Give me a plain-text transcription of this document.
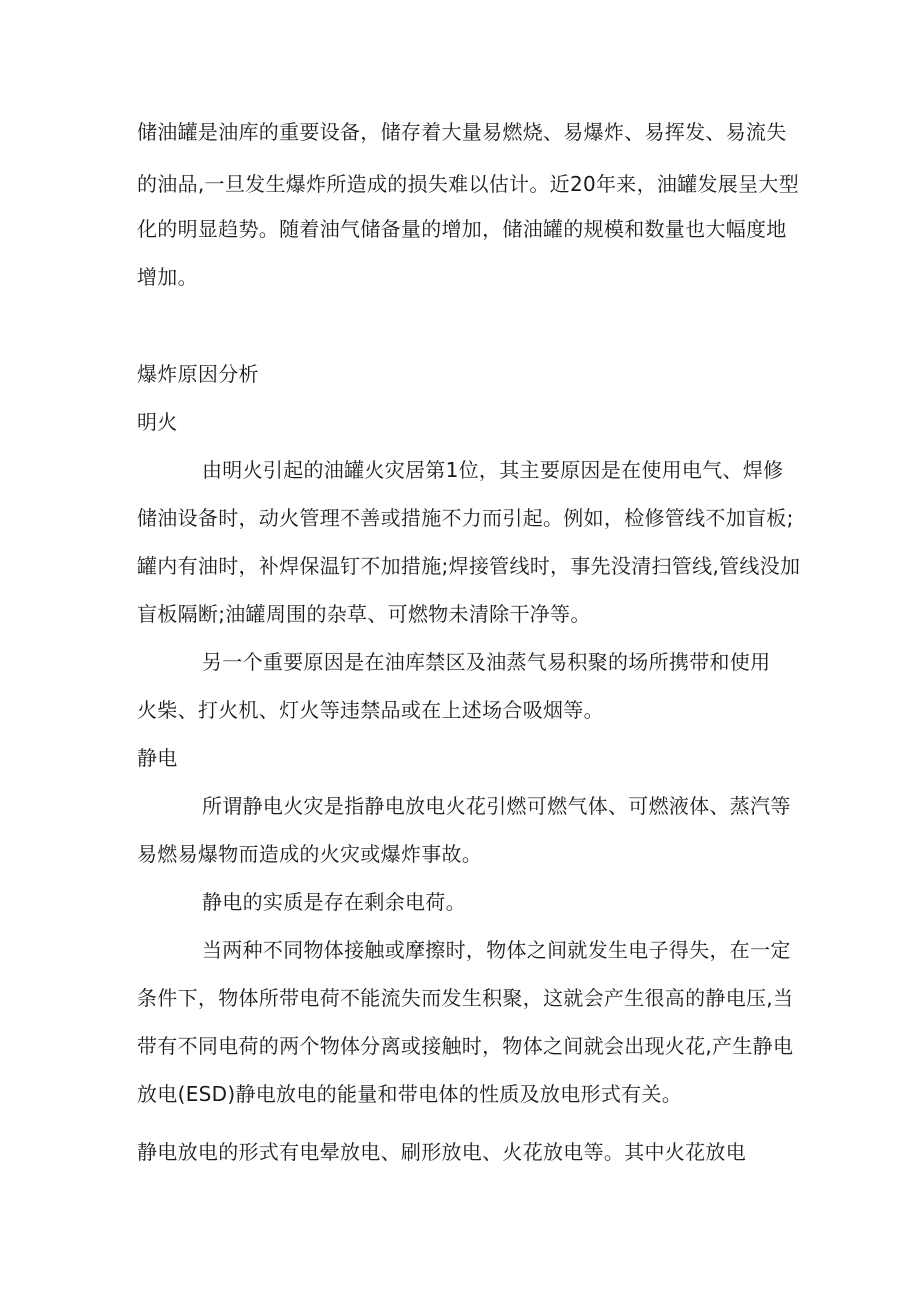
储油罐是油库的重要设备，储存着大量易燃烧、易爆炸、易挥发、易流失
的油品,一旦发生爆炸所造成的损失难以估计。近20年来，油罐发展呈大型
化的明显趋势。随着油气储备量的增加，储油罐的规模和数量也大幅度地
增加。
爆炸原因分析
明火
由明火引起的油罐火灾居第1位，其主要原因是在使用电气、焊修
储油设备时，动火管理不善或措施不力而引起。例如，检修管线不加盲板;
罐内有油时，补焊保温钉不加措施;焊接管线时，事先没清扫管线,管线没加
盲板隔断;油罐周围的杂草、可燃物未清除干净等。
另一个重要原因是在油库禁区及油蒸气易积聚的场所携带和使用
火柴、打火机、灯火等违禁品或在上述场合吸烟等。
静电
所谓静电火灾是指静电放电火花引燃可燃气体、可燃液体、蒸汽等
易燃易爆物而造成的火灾或爆炸事故。
静电的实质是存在剩余电荷。
当两种不同物体接触或摩擦时，物体之间就发生电子得失，在一定
条件下，物体所带电荷不能流失而发生积聚，这就会产生很高的静电压,当
带有不同电荷的两个物体分离或接触时，物体之间就会出现火花,产生静电
放电(ESD)静电放电的能量和带电体的性质及放电形式有关。
静电放电的形式有电晕放电、刷形放电、火花放电等。其中火花放电
